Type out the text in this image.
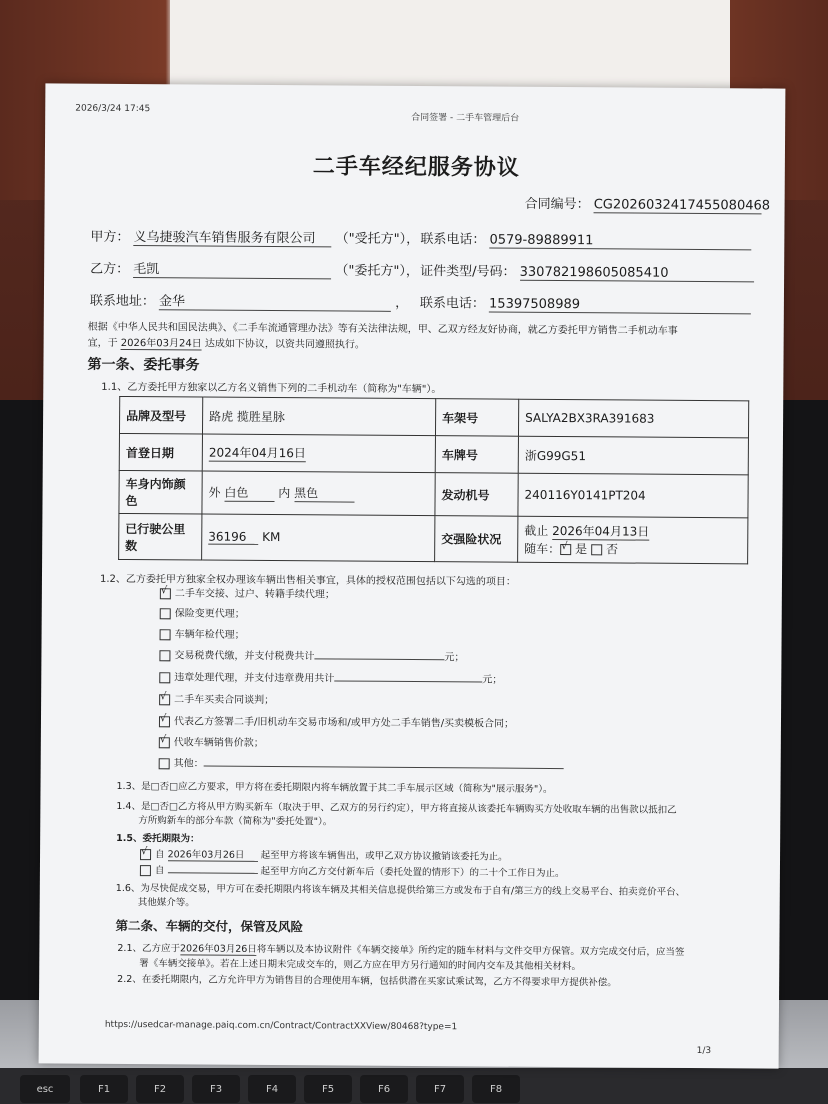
esc	F1	F2	F3	F4	F5	F6	F7	F8
2026/3/24 17:45
合同签署 - 二手车管理后台
二手车经纪服务协议
合同编号： CG2026032417455080468
甲方： 义乌捷骏汽车销售服务有限公司 （"受托方"）， 联系电话： 0579-89889911
乙方： 毛凯	（"委托方"）， 证件类型/号码： 330782198605085410
联系地址： 金华	， 联系电话： 15397508989
根据《中华人民共和国民法典》、《二手车流通管理办法》等有关法律法规，甲、乙双方经友好协商，就乙方委托甲方销售二手机动车事
宜，于 2026年03月24日 达成如下协议，以资共同遵照执行。
第一条、委托事务
1.1、乙方委托甲方独家以乙方名义销售下列的二手机动车（简称为"车辆"）。
品牌及型号	路虎 揽胜星脉	车架号	SALYA2BX3RA391683
首登日期	2024年04月16日	车牌号	浙G99G51
车身内饰颜色	外 白色 内 黑色	发动机号	240116Y0141PT204
已行驶公里数	36196 KM	交强险状况	截止 2026年04月13日
随车： √ 是 否
1.2、乙方委托甲方独家全权办理该车辆出售相关事宜，具体的授权范围包括以下勾选的项目：
√二手车交接、过户、转籍手续代理；
保险变更代理；
车辆年检代理；
交易税费代缴，并支付税费共计	元；
违章处理代理，并支付违章费用共计	元；
√二手车买卖合同谈判；
√代表乙方签署二手/旧机动车交易市场和/或甲方处二手车销售/买卖模板合同；
√代收车辆销售价款；
其他：
1.3、是□否□应乙方要求，甲方将在委托期限内将车辆放置于其二手车展示区域（简称为"展示服务"）。
1.4、是□否□乙方将从甲方购买新车（取决于甲、乙双方的另行约定），甲方将直接从该委托车辆购买方处收取车辆的出售款以抵扣乙
方所购新车的部分车款（简称为"委托处置"）。
1.5、委托期限为：
√自 2026年03月26日 起至甲方将该车辆售出，或甲乙双方协议撤销该委托为止。
自	起至甲方向乙方交付新车后（委托处置的情形下）的二十个工作日为止。
1.6、为尽快促成交易，甲方可在委托期限内将该车辆及其相关信息提供给第三方或发布于自有/第三方的线上交易平台、拍卖竞价平台、
其他媒介等。
第二条、车辆的交付，保管及风险
2.1、乙方应于2026年03月26日将车辆以及本协议附件《车辆交接单》所约定的随车材料与文件交甲方保管。双方完成交付后，应当签
署《车辆交接单》。若在上述日期未完成交车的，则乙方应在甲方另行通知的时间内交车及其他相关材料。
2.2、在委托期限内，乙方允许甲方为销售目的合理使用车辆，包括供潜在买家试乘试驾，乙方不得要求甲方提供补偿。
https://usedcar-manage.paiq.com.cn/Contract/ContractXXView/80468?type=1
1/3
